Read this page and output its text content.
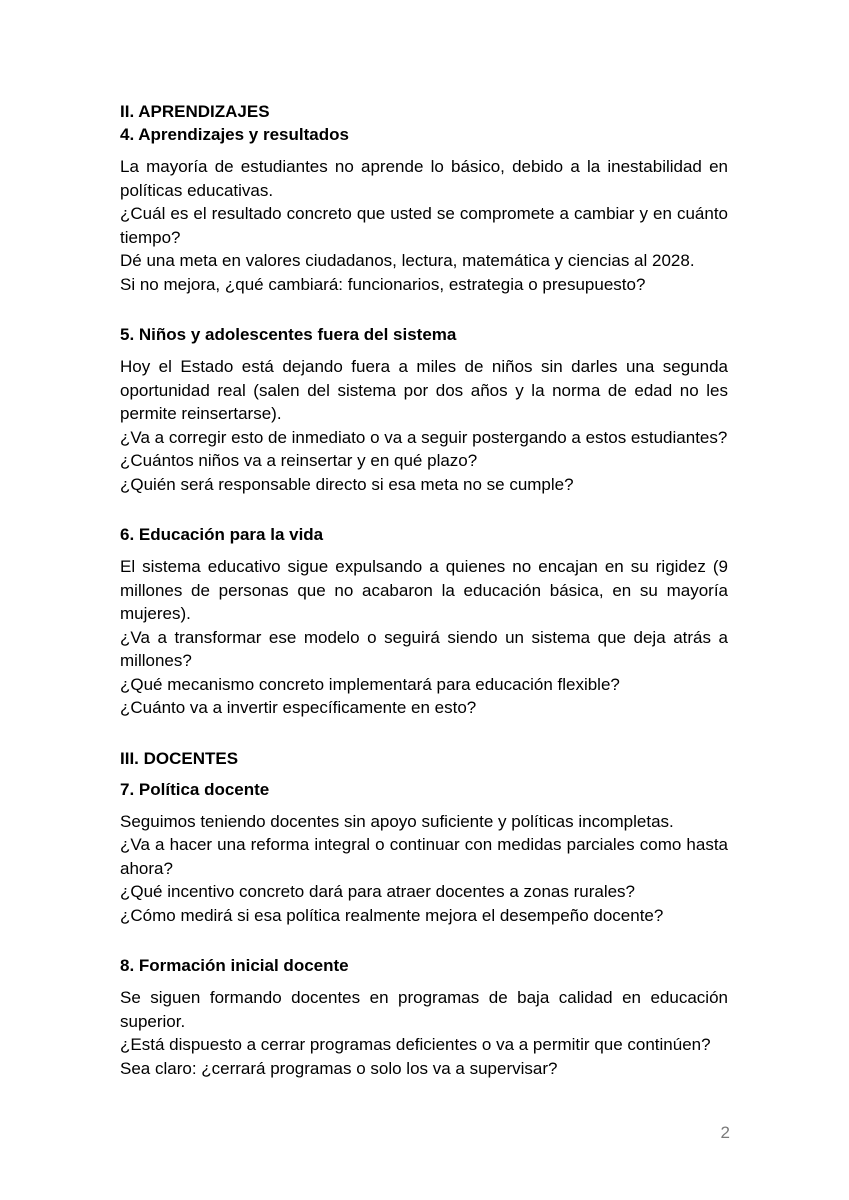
II. APRENDIZAJES

4. Aprendizajes y resultados

La mayoría de estudiantes no aprende lo básico, debido a la inestabilidad en políticas educativas.

¿Cuál es el resultado concreto que usted se compromete a cambiar y en cuánto tiempo?

Dé una meta en valores ciudadanos, lectura, matemática y ciencias al 2028.

Si no mejora, ¿qué cambiará: funcionarios, estrategia o presupuesto?

5. Niños y adolescentes fuera del sistema

Hoy el Estado está dejando fuera a miles de niños sin darles una segunda oportunidad real (salen del sistema por dos años y la norma de edad no les permite reinsertarse).

¿Va a corregir esto de inmediato o va a seguir postergando a estos estudiantes?

¿Cuántos niños va a reinsertar y en qué plazo?

¿Quién será responsable directo si esa meta no se cumple?

6. Educación para la vida

El sistema educativo sigue expulsando a quienes no encajan en su rigidez (9 millones de personas que no acabaron la educación básica, en su mayoría mujeres).

¿Va a transformar ese modelo o seguirá siendo un sistema que deja atrás a millones?

¿Qué mecanismo concreto implementará para educación flexible?

¿Cuánto va a invertir específicamente en esto?

III. DOCENTES

7. Política docente

Seguimos teniendo docentes sin apoyo suficiente y políticas incompletas.

¿Va a hacer una reforma integral o continuar con medidas parciales como hasta ahora?

¿Qué incentivo concreto dará para atraer docentes a zonas rurales?

¿Cómo medirá si esa política realmente mejora el desempeño docente?

8. Formación inicial docente

Se siguen formando docentes en programas de baja calidad en educación superior.

¿Está dispuesto a cerrar programas deficientes o va a permitir que continúen?

Sea claro: ¿cerrará programas o solo los va a supervisar?

2
